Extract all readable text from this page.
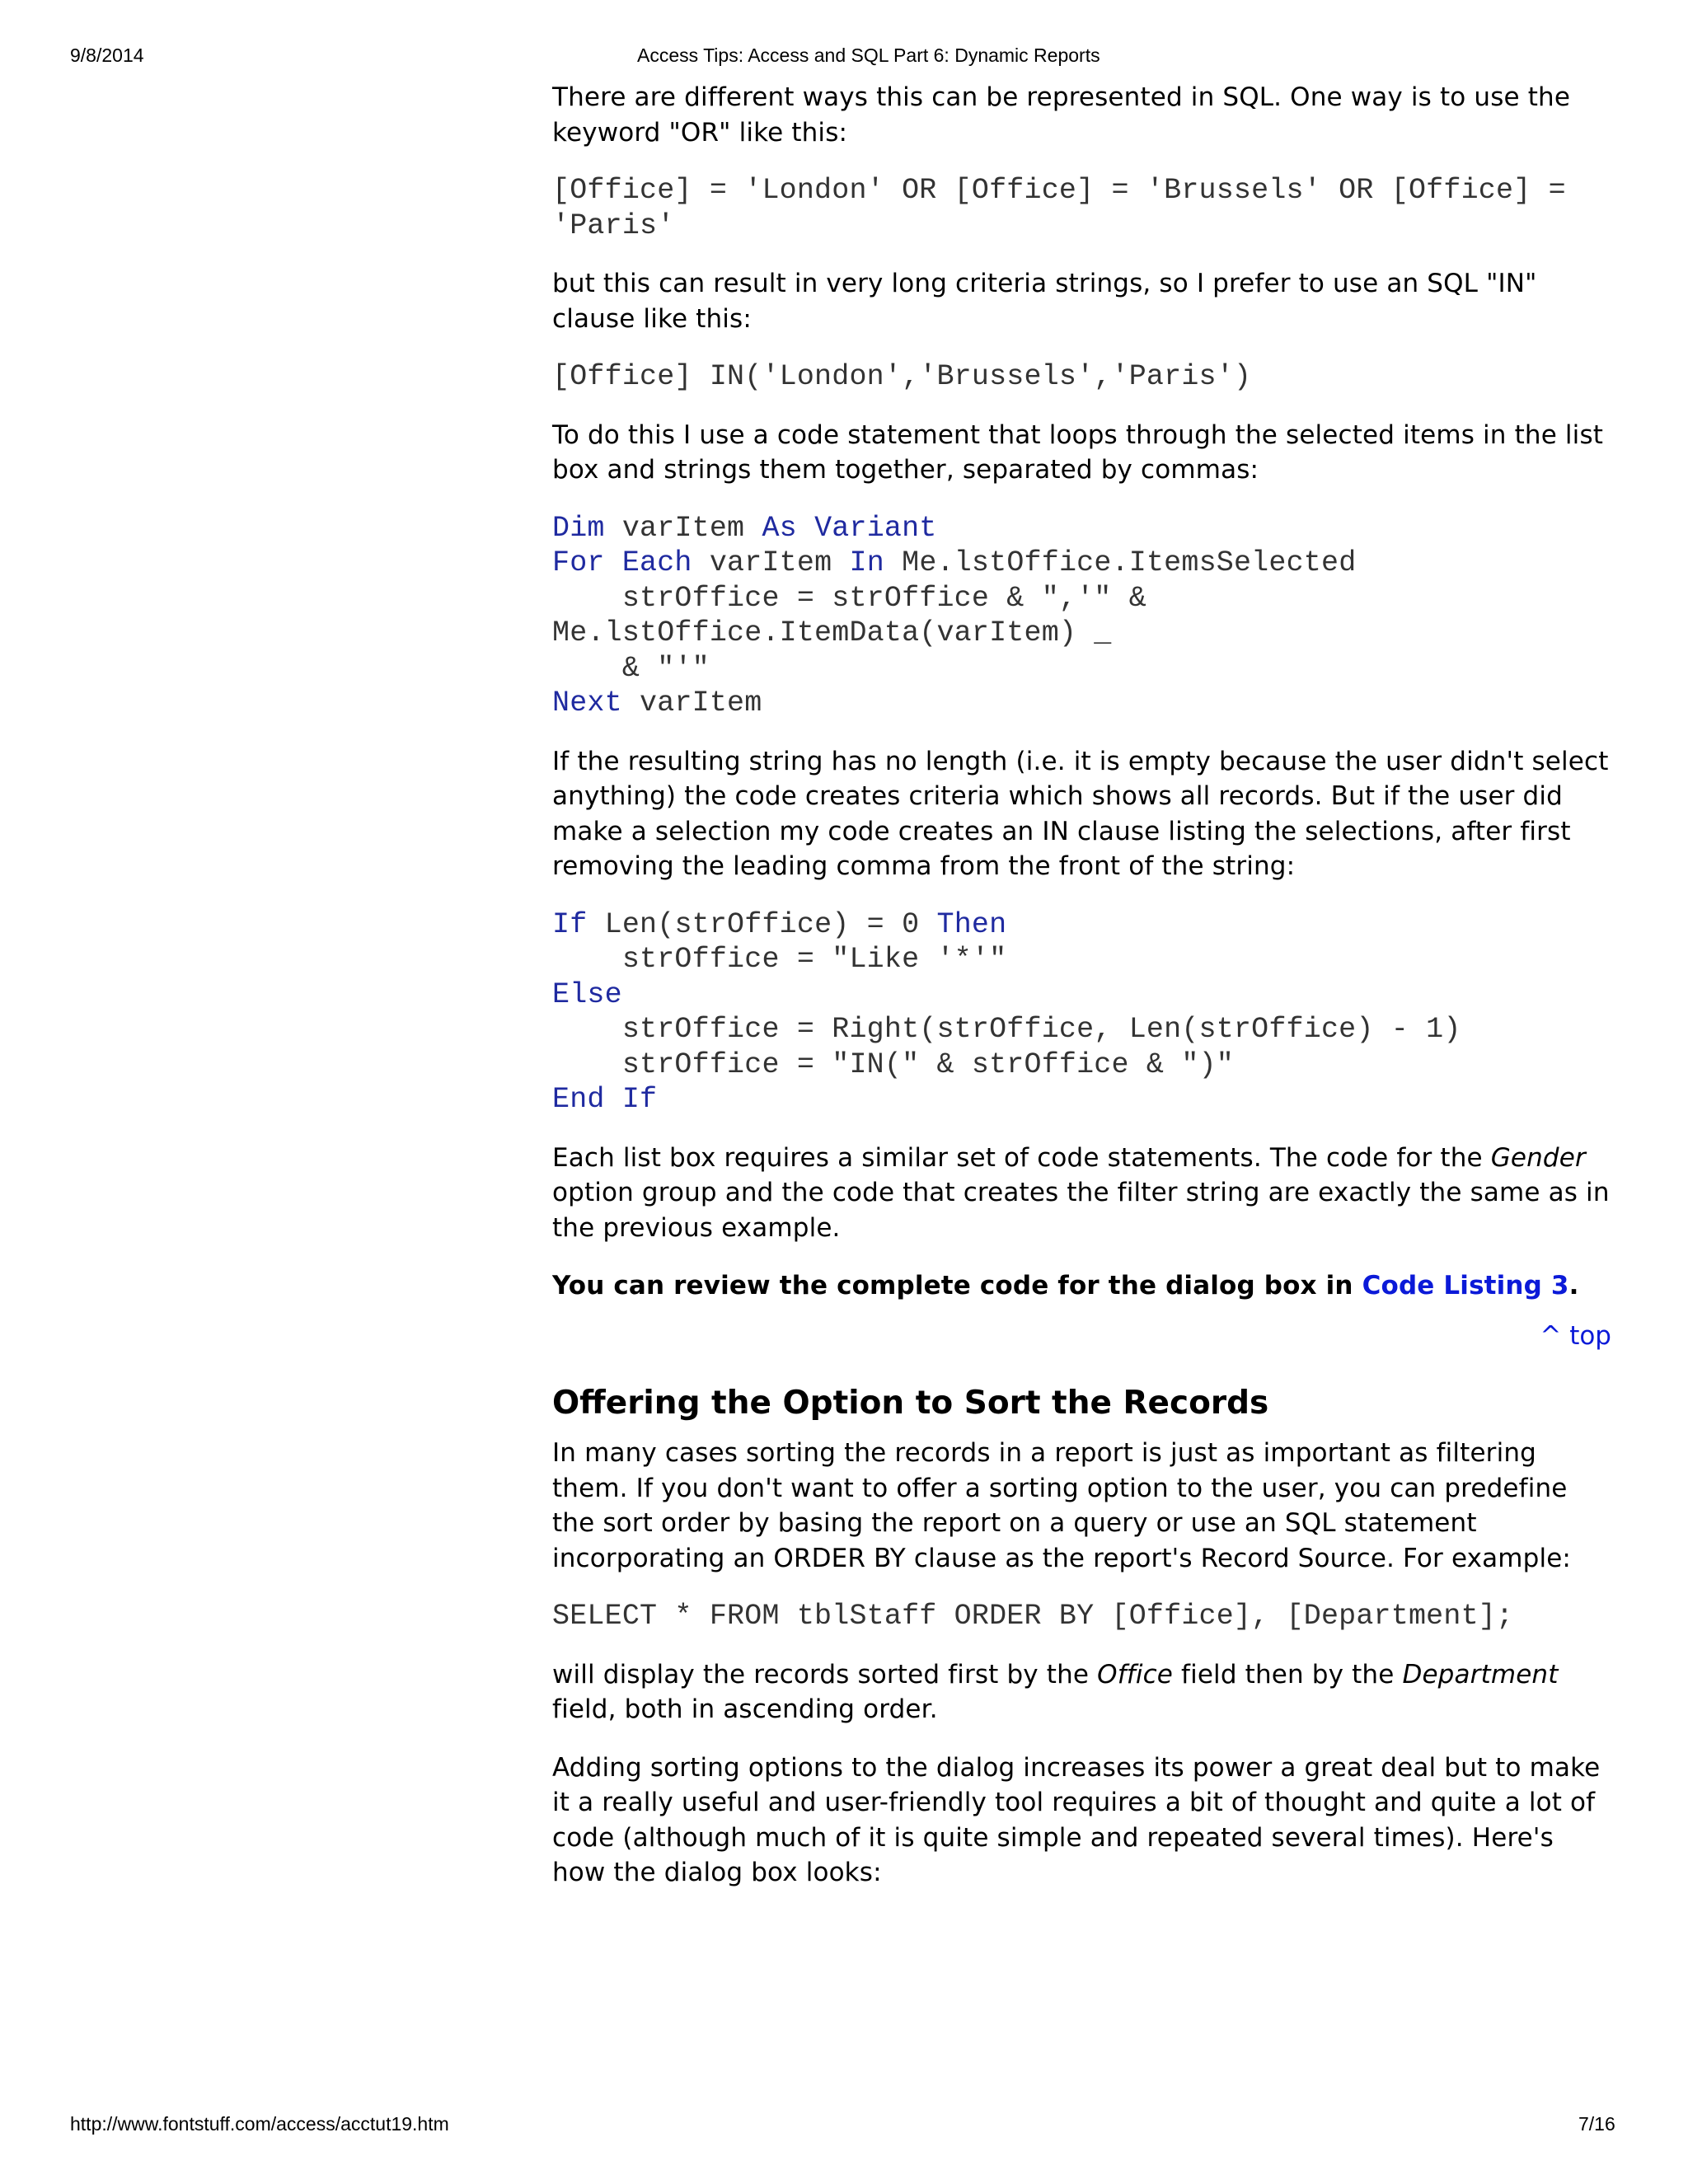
9/8/2014	Access Tips: Access and SQL Part 6: Dynamic Reports

There are different ways this can be represented in SQL. One way is to use the keyword "OR" like this:

[Office] = 'London' OR [Office] = 'Brussels' OR [Office] =
'Paris'

but this can result in very long criteria strings, so I prefer to use an SQL "IN" clause like this:

[Office] IN('London','Brussels','Paris')

To do this I use a code statement that loops through the selected items in the list box and strings them together, separated by commas:

Dim varItem As Variant
For Each varItem In Me.lstOffice.ItemsSelected
strOffice = strOffice & ",'" &
Me.lstOffice.ItemData(varItem) _
& "'"
Next varItem

If the resulting string has no length (i.e. it is empty because the user didn't select anything) the code creates criteria which shows all records. But if the user did make a selection my code creates an IN clause listing the selections, after first removing the leading comma from the front of the string:

If Len(strOffice) = 0 Then
strOffice = "Like '*'"
Else
strOffice = Right(strOffice, Len(strOffice) - 1)
strOffice = "IN(" & strOffice & ")"
End If

Each list box requires a similar set of code statements. The code for the Gender option group and the code that creates the filter string are exactly the same as in the previous example.

You can review the complete code for the dialog box in Code Listing 3.

^ top
Offering the Option to Sort the Records

In many cases sorting the records in a report is just as important as filtering them. If you don't want to offer a sorting option to the user, you can predefine the sort order by basing the report on a query or use an SQL statement incorporating an ORDER BY clause as the report's Record Source. For example:

SELECT * FROM tblStaff ORDER BY [Office], [Department];

will display the records sorted first by the Office field then by the Department field, both in ascending order.

Adding sorting options to the dialog increases its power a great deal but to make it a really useful and user-friendly tool requires a bit of thought and quite a lot of code (although much of it is quite simple and repeated several times). Here's how the dialog box looks:

http://www.fontstuff.com/access/acctut19.htm	7/16
